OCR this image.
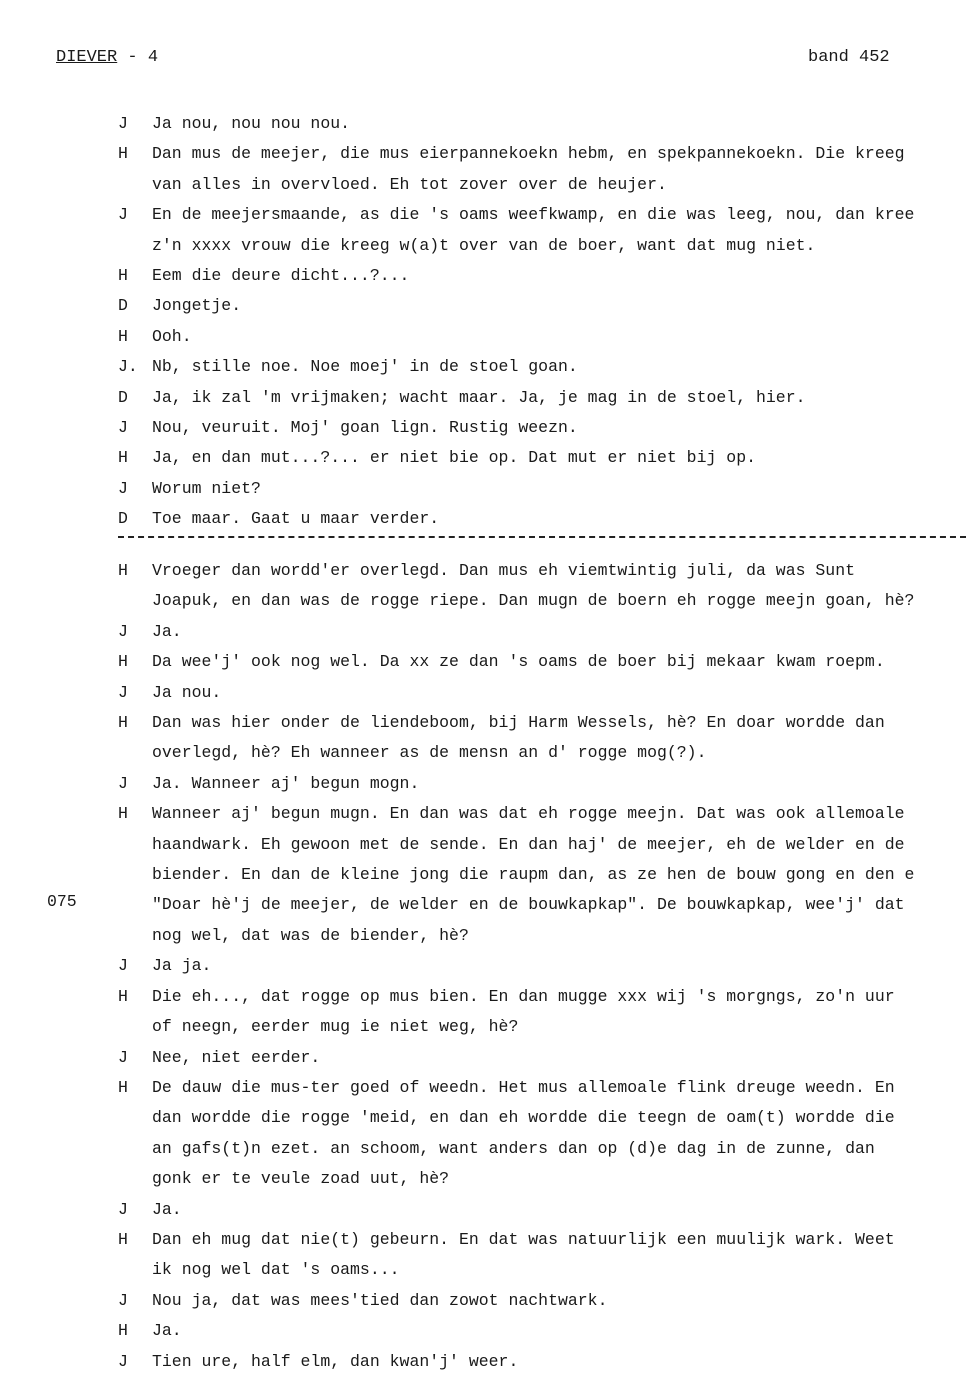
DIEVER - 4	band 452
J	Ja nou, nou nou nou.
H	Dan mus de meejer, die mus eierpannekoekn hebm, en spekpannekoekn. Die kreeg
van alles in overvloed. Eh tot zover over de heujer.
J	En de meejersmaande, as die 's oams weefkwamp, en die was leeg, nou, dan kree
z'n xxxx vrouw die kreeg w(a)t over van de boer, want dat mug niet.
H	Eem die deure dicht...?...
D	Jongetje.
H	Ooh.
J. Nb, stille noe. Noe moej' in de stoel goan.
D	Ja, ik zal 'm vrijmaken; wacht maar. Ja, je mag in de stoel, hier.
J	Nou, veuruit. Moj' goan lign. Rustig weezn.
H	Ja, en dan mut...?... er niet bie op. Dat mut er niet bij op.
J	Worum niet?
D	Toe maar. Gaat u maar verder.
H	Vroeger dan wordd'er overlegd. Dan mus eh viemtwintig juli, da was Sunt
Joapuk, en dan was de rogge riepe. Dan mugn de boern eh rogge meejn goan, hè?
J	Ja.
H	Da wee'j' ook nog wel. Da xx ze dan 's oams de boer bij mekaar kwam roepm.
J	Ja nou.
H	Dan was hier onder de liendeboom, bij Harm Wessels, hè? En doar wordde dan
overlegd, hè? Eh wanneer as de mensn an d' rogge mog(?).
J	Ja. Wanneer aj' begun mogn.
H	Wanneer aj' begun mugn. En dan was dat eh rogge meejn. Dat was ook allemoale
haandwark. Eh gewoon met de sende. En dan haj' de meejer, eh de welder en de
biender. En dan de kleine jong die raupm dan, as ze hen de bouw gong en den e
"Doar hè'j de meejer, de welder en de bouwkapkap". De bouwkapkap, wee'j' dat
nog wel, dat was de biender, hè?
J	Ja ja.
H	Die eh..., dat rogge op mus bien. En dan mugge xxx wij 's morgngs, zo'n uur
of neegn, eerder mug ie niet weg, hè?
J	Nee, niet eerder.
H	De dauw die mus-ter goed of weedn. Het mus allemoale flink dreuge weedn. En
dan wordde die rogge 'meid, en dan eh wordde die teegn de oam(t) wordde die
an gafs(t)n ezet. an schoom, want anders dan op (d)e dag in de zunne, dan
gonk er te veule zoad uut, hè?
J	Ja.
H	Dan eh mug dat nie(t) gebeurn. En dat was natuurlijk een muulijk wark. Weet
ik nog wel dat 's oams...
J	Nou ja, dat was mees'tied dan zowot nachtwark.
H	Ja.
J	Tien ure, half elm, dan kwan'j' weer.
075
